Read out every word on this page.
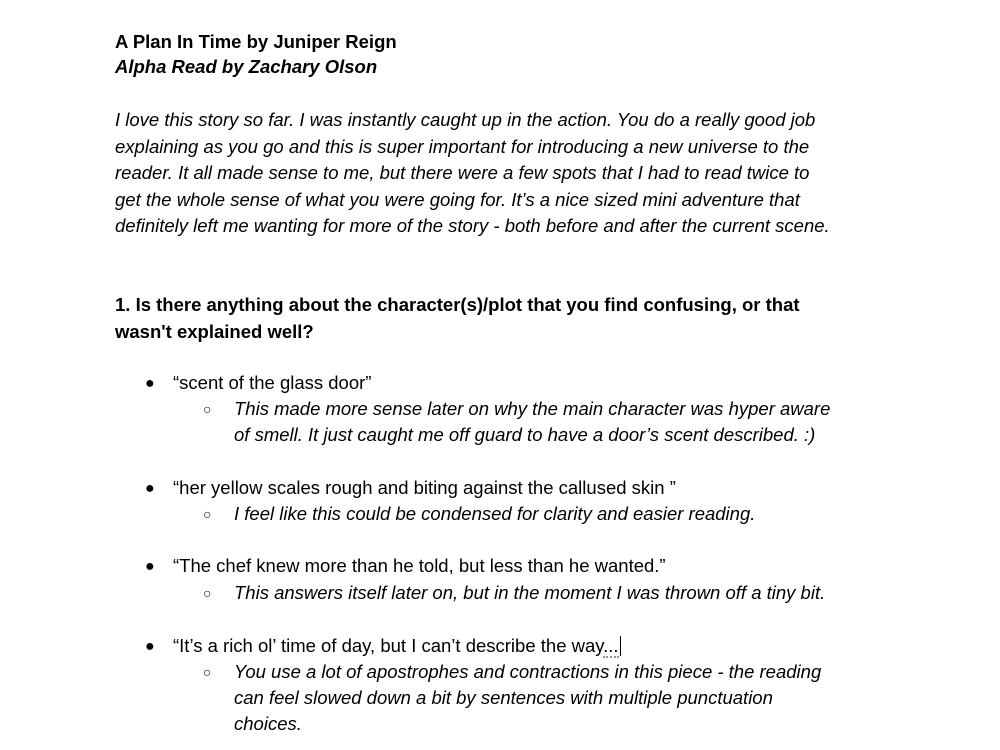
A Plan In Time by Juniper Reign
Alpha Read by Zachary Olson
I love this story so far. I was instantly caught up in the action. You do a really good job
explaining as you go and this is super important for introducing a new universe to the
reader. It all made sense to me, but there were a few spots that I had to read twice to
get the whole sense of what you were going for. It’s a nice sized mini adventure that
definitely left me wanting for more of the story - both before and after the current scene.
1. Is there anything about the character(s)/plot that you find confusing, or that
wasn't explained well?
● “scent of the glass door”
○ This made more sense later on why the main character was hyper aware
of smell. It just caught me off guard to have a door’s scent described. :)
● “her yellow scales rough and biting against the callused skin ”
○ I feel like this could be condensed for clarity and easier reading.
● “The chef knew more than he told, but less than he wanted.”
○ This answers itself later on, but in the moment I was thrown off a tiny bit.
● “It’s a rich ol’ time of day, but I can’t describe the way...
○ You use a lot of apostrophes and contractions in this piece - the reading
can feel slowed down a bit by sentences with multiple punctuation
choices.
